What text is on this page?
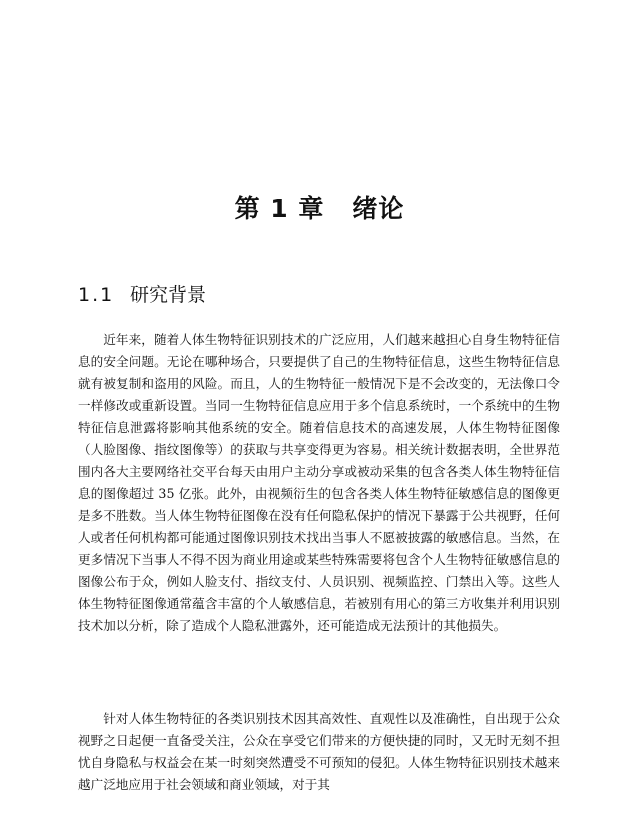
第 1 章 绪论
1.1 研究背景

近年来，随着人体生物特征识别技术的广泛应用，人们越来越担心自身生物特征信息的安全问题。无论在哪种场合，只要提供了自己的生物特征信息，这些生物特征信息就有被复制和盗用的风险。而且，人的生物特征一般情况下是不会改变的，无法像口令一样修改或重新设置。当同一生物特征信息应用于多个信息系统时，一个系统中的生物特征信息泄露将影响其他系统的安全。随着信息技术的高速发展，人体生物特征图像（人脸图像、指纹图像等）的获取与共享变得更为容易。相关统计数据表明，全世界范围内各大主要网络社交平台每天由用户主动分享或被动采集的包含各类人体生物特征信息的图像超过 35 亿张。此外，由视频衍生的包含各类人体生物特征敏感信息的图像更是多不胜数。当人体生物特征图像在没有任何隐私保护的情况下暴露于公共视野，任何人或者任何机构都可能通过图像识别技术找出当事人不愿被披露的敏感信息。当然，在更多情况下当事人不得不因为商业用途或某些特殊需要将包含个人生物特征敏感信息的图像公布于众，例如人脸支付、指纹支付、人员识别、视频监控、门禁出入等。这些人体生物特征图像通常蕴含丰富的个人敏感信息，若被别有用心的第三方收集并利用识别技术加以分析，除了造成个人隐私泄露外，还可能造成无法预计的其他损失。

针对人体生物特征的各类识别技术因其高效性、直观性以及准确性，自出现于公众视野之日起便一直备受关注，公众在享受它们带来的方便快捷的同时，又无时无刻不担忧自身隐私与权益会在某一时刻突然遭受不可预知的侵犯。人体生物特征识别技术越来越广泛地应用于社会领域和商业领域，对于其
